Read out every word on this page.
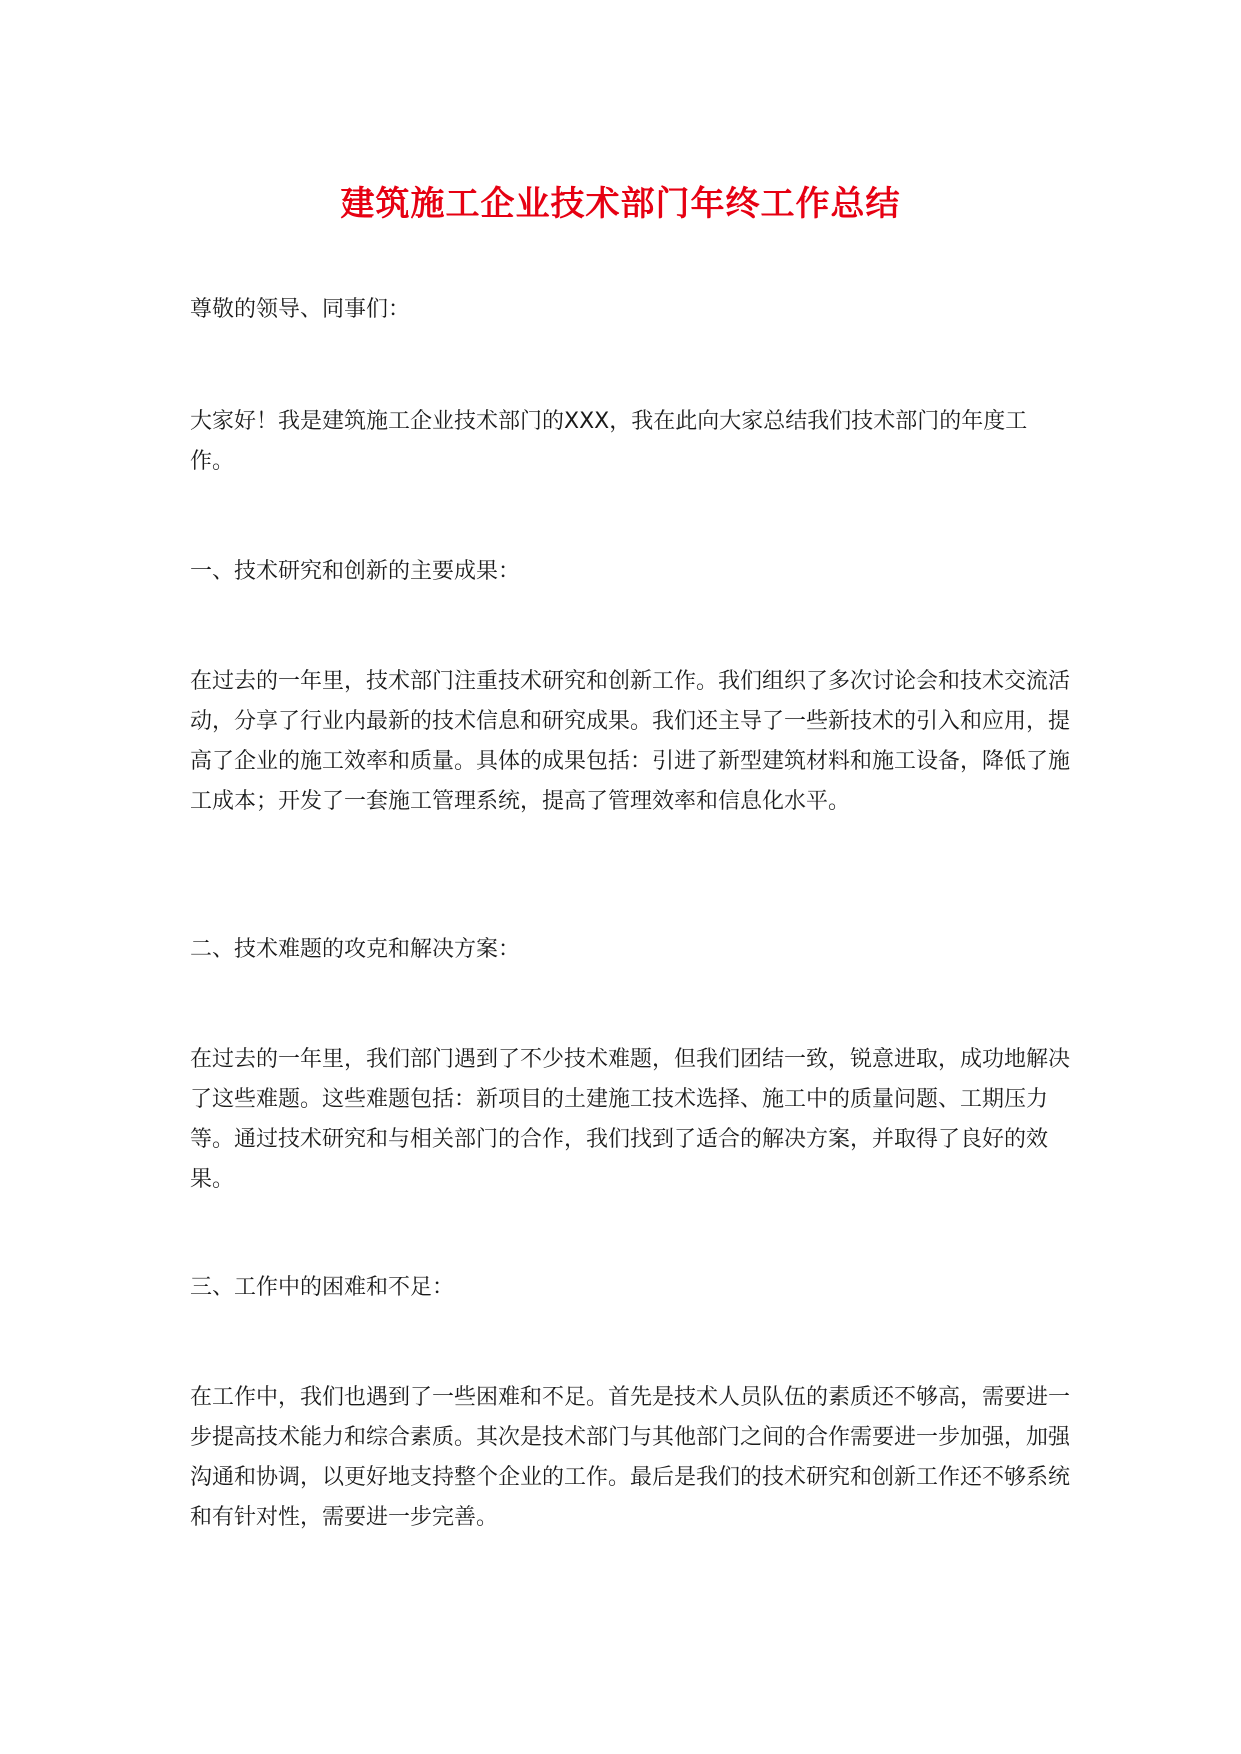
建筑施工企业技术部门年终工作总结

尊敬的领导、同事们：

大家好！我是建筑施工企业技术部门的XXX，我在此向大家总结我们技术部门的年度工作。

一、技术研究和创新的主要成果：

在过去的一年里，技术部门注重技术研究和创新工作。我们组织了多次讨论会和技术交流活动，分享了行业内最新的技术信息和研究成果。我们还主导了一些新技术的引入和应用，提高了企业的施工效率和质量。具体的成果包括：引进了新型建筑材料和施工设备，降低了施工成本；开发了一套施工管理系统，提高了管理效率和信息化水平。

二、技术难题的攻克和解决方案：

在过去的一年里，我们部门遇到了不少技术难题，但我们团结一致，锐意进取，成功地解决了这些难题。这些难题包括：新项目的土建施工技术选择、施工中的质量问题、工期压力等。通过技术研究和与相关部门的合作，我们找到了适合的解决方案，并取得了良好的效果。

三、工作中的困难和不足：

在工作中，我们也遇到了一些困难和不足。首先是技术人员队伍的素质还不够高，需要进一步提高技术能力和综合素质。其次是技术部门与其他部门之间的合作需要进一步加强，加强沟通和协调，以更好地支持整个企业的工作。最后是我们的技术研究和创新工作还不够系统和有针对性，需要进一步完善。
